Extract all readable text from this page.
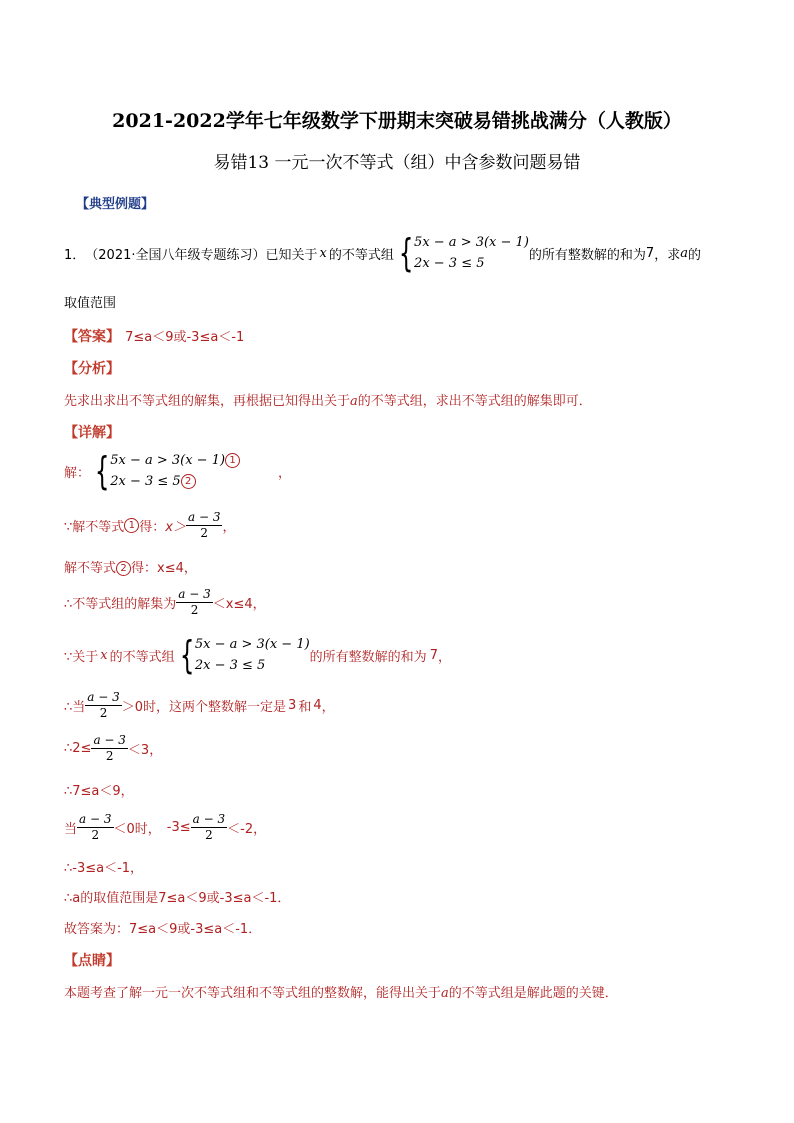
2021-2022学年七年级数学下册期末突破易错挑战满分（人教版）
易错13 一元一次不等式（组）中含参数问题易错
【典型例题】
1． （2021·全国八年级专题练习）已知关于 x 的不等式组 { 5x − a > 3(x − 1)
2x − 3 ≤ 5
的所有整数解的和为 7 ，求 a 的
取值范围
【答案】 7≤a＜9或-3≤a＜-1
【分析】
先求出求出不等式组的解集，再根据已知得出关于a的不等式组，求出不等式组的解集即可．
【详解】
解： { 5x − a > 3(x − 1) 1
2x − 3 ≤ 5 2
，
∵解不等式 1 得： $x> \frac{a - 3}{2}$ ，
解不等式 2 得：x≤4，
∴不等式组的解集为 $\frac{a - 3}{2} <x\le 4$，
∵关于 x 的不等式组 { 5x − a > 3(x − 1)
2x − 3 ≤ 5
的所有整数解的和为 7 ，
∴当 $\frac{a - 3}{2} >0$时，这两个整数解一定是 3 和 4 ，
∴2≤ $\frac{a - 3}{2} <3$，
∴7≤a＜9，
当 $\frac{a - 3}{2} <0$时， $-3\le \frac{a - 3}{2} <-2$，
∴-3≤a＜-1，
∴a的取值范围是7≤a＜9或-3≤a＜-1．
故答案为：7≤a＜9或-3≤a＜-1．
【点睛】
本题考查了解一元一次不等式组和不等式组的整数解，能得出关于a的不等式组是解此题的关键．
